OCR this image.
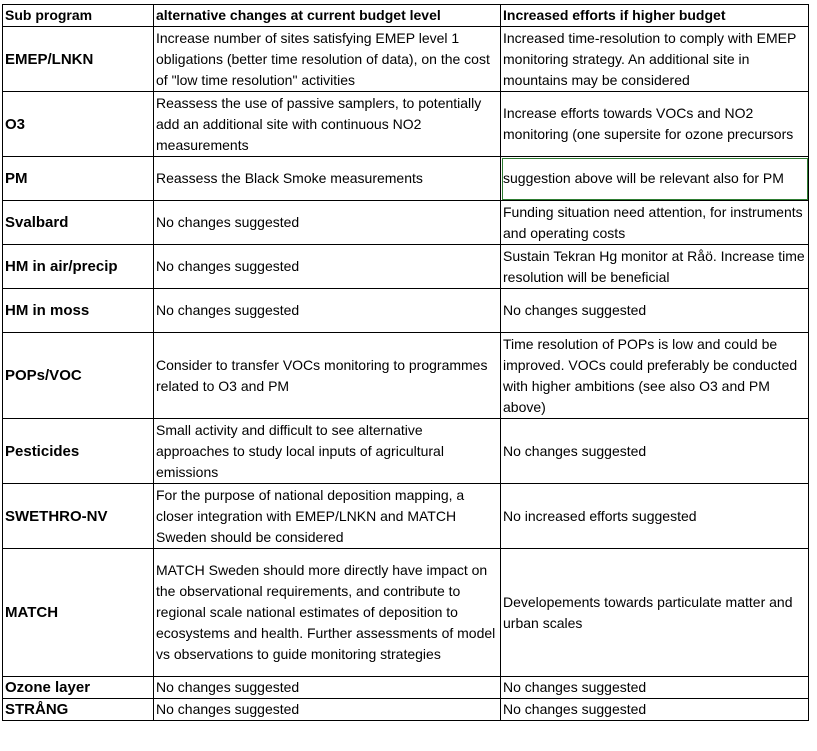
Sub program	alternative changes at current budget level	Increased efforts if higher budget
EMEP/LNKN	Increase number of sites satisfying EMEP level 1 obligations (better time resolution of data), on the cost of "low time resolution" activities	Increased time-resolution to comply with EMEP monitoring strategy. An additional site in mountains may be considered
O3	Reassess the use of passive samplers, to potentially add an additional site with continuous NO2 measurements	Increase efforts towards VOCs and NO2 monitoring (one supersite for ozone precursors
PM	Reassess the Black Smoke measurements	suggestion above will be relevant also for PM
Svalbard	No changes suggested	Funding situation need attention, for instruments and operating costs
HM in air/precip	No changes suggested	Sustain Tekran Hg monitor at Råö. Increase time resolution will be beneficial
HM in moss	No changes suggested	No changes suggested
POPs/VOC	Consider to transfer VOCs monitoring to programmes related to O3 and PM	Time resolution of POPs is low and could be improved. VOCs could preferably be conducted with higher ambitions (see also O3 and PM above)
Pesticides	Small activity and difficult to see alternative approaches to study local inputs of agricultural emissions	No changes suggested
SWETHRO-NV	For the purpose of national deposition mapping, a closer integration with EMEP/LNKN and MATCH Sweden should be considered	No increased efforts suggested
MATCH	MATCH Sweden should more directly have impact on the observational requirements, and contribute to regional scale national estimates of deposition to ecosystems and health. Further assessments of model vs observations to guide monitoring strategies	Developements towards particulate matter and urban scales
Ozone layer	No changes suggested	No changes suggested
STRÅNG	No changes suggested	No changes suggested
